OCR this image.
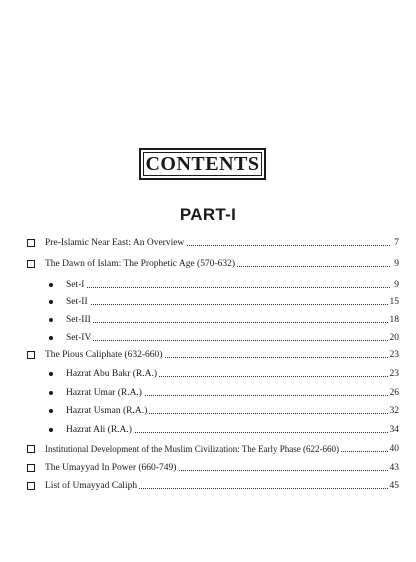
CONTENTS
PART-I
Pre-Islamic Near East: An Overview	7
The Dawn of Islam: The Prophetic Age (570-632)	9
Set-I	9
Set-II	15
Set-III	18
Set-IV	20
The Pious Caliphate (632-660)	23
Hazrat Abu Bakr (R.A.)	23
Hazrat Umar (R.A.)	26
Hazrat Usman (R.A.)	32
Hazrat Ali (R.A.)	34
Institutional Development of the Muslim Civilization: The Early Phase (622-660)	40
The Umayyad In Power (660-749)	43
List of Umayyad Caliph	45
